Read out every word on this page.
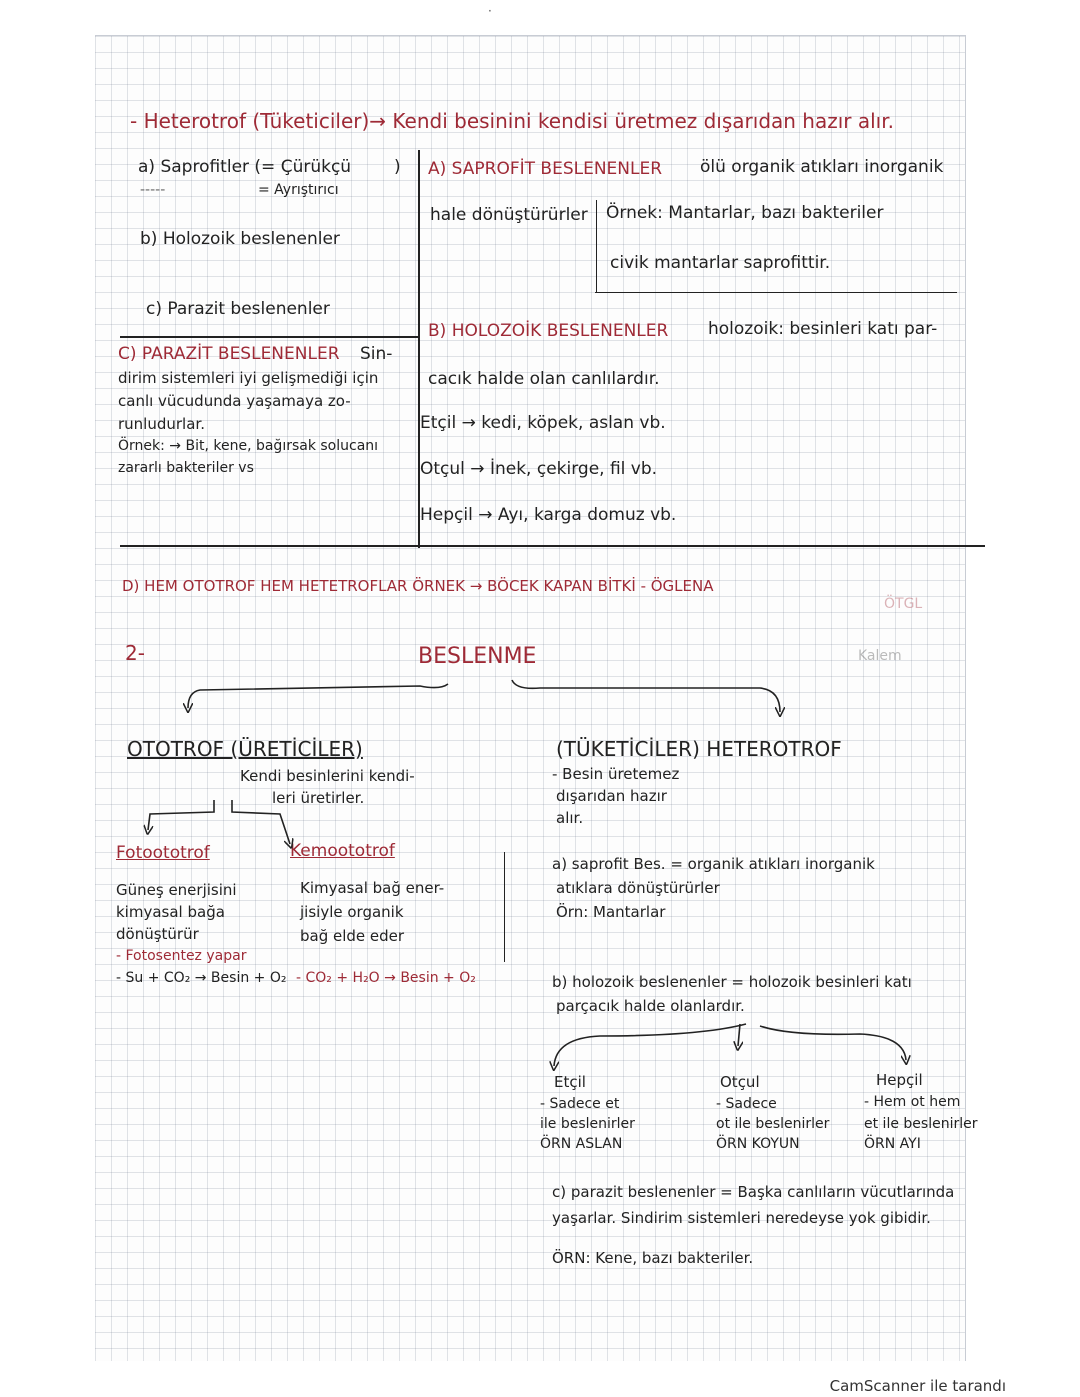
·

- Heterotrof (Tüketiciler)→ Kendi besinini kendisi üretmez dışarıdan hazır alır.

a) Saprofitler (= Çürükçü	)

-----	= Ayrıştırıcı

b) Holozoik beslenenler

c) Parazit beslenenler

A) SAPROFİT BESLENENLER ölü organik atıkları inorganik

hale dönüştürürler Örnek: Mantarlar, bazı bakteriler

civik mantarlar saprofittir.

B) HOLOZOİK BESLENENLER holozoik: besinleri katı par-

cacık halde olan canlılardır.

Etçil → kedi, köpek, aslan vb.

Otçul → İnek, çekirge, fil vb.

Hepçil → Ayı, karga domuz vb.

C) PARAZİT BESLENENLER Sin-

dirim sistemleri iyi gelişmediği için

canlı vücudunda yaşamaya zo-

runludurlar.

Örnek: → Bit, kene, bağırsak solucanı

zararlı bakteriler vs

D) HEM OTOTROF HEM HETETROFLAR ÖRNEK → BÖCEK KAPAN BİTKİ - ÖGLENA

ÖTGL

2-	BESLENME	Kalem

OTOTROF (ÜRETİCİLER)

Kendi besinlerini kendi-

leri üretirler.

Fotoototrof

Güneş enerjisini

kimyasal bağa

dönüştürür

- Fotosentez yapar

- Su + CO₂ → Besin + O₂

Kemoototrof

Kimyasal bağ ener-

jisiyle organik

bağ elde eder

- CO₂ + H₂O → Besin + O₂

(TÜKETİCİLER) HETEROTROF

- Besin üretemez

dışarıdan hazır

alır.

a) saprofit Bes. = organik atıkları inorganik

atıklara dönüştürürler

Örn: Mantarlar

b) holozoik beslenenler = holozoik besinleri katı

parçacık halde olanlardır.

Etçil

- Sadece et

ile beslenirler

ÖRN ASLAN

Otçul

- Sadece

ot ile beslenirler

ÖRN KOYUN

Hepçil

- Hem ot hem

et ile beslenirler

ÖRN AYI

c) parazit beslenenler = Başka canlıların vücutlarında

yaşarlar. Sindirim sistemleri neredeyse yok gibidir.

ÖRN: Kene, bazı bakteriler.

CamScanner ile tarandı
